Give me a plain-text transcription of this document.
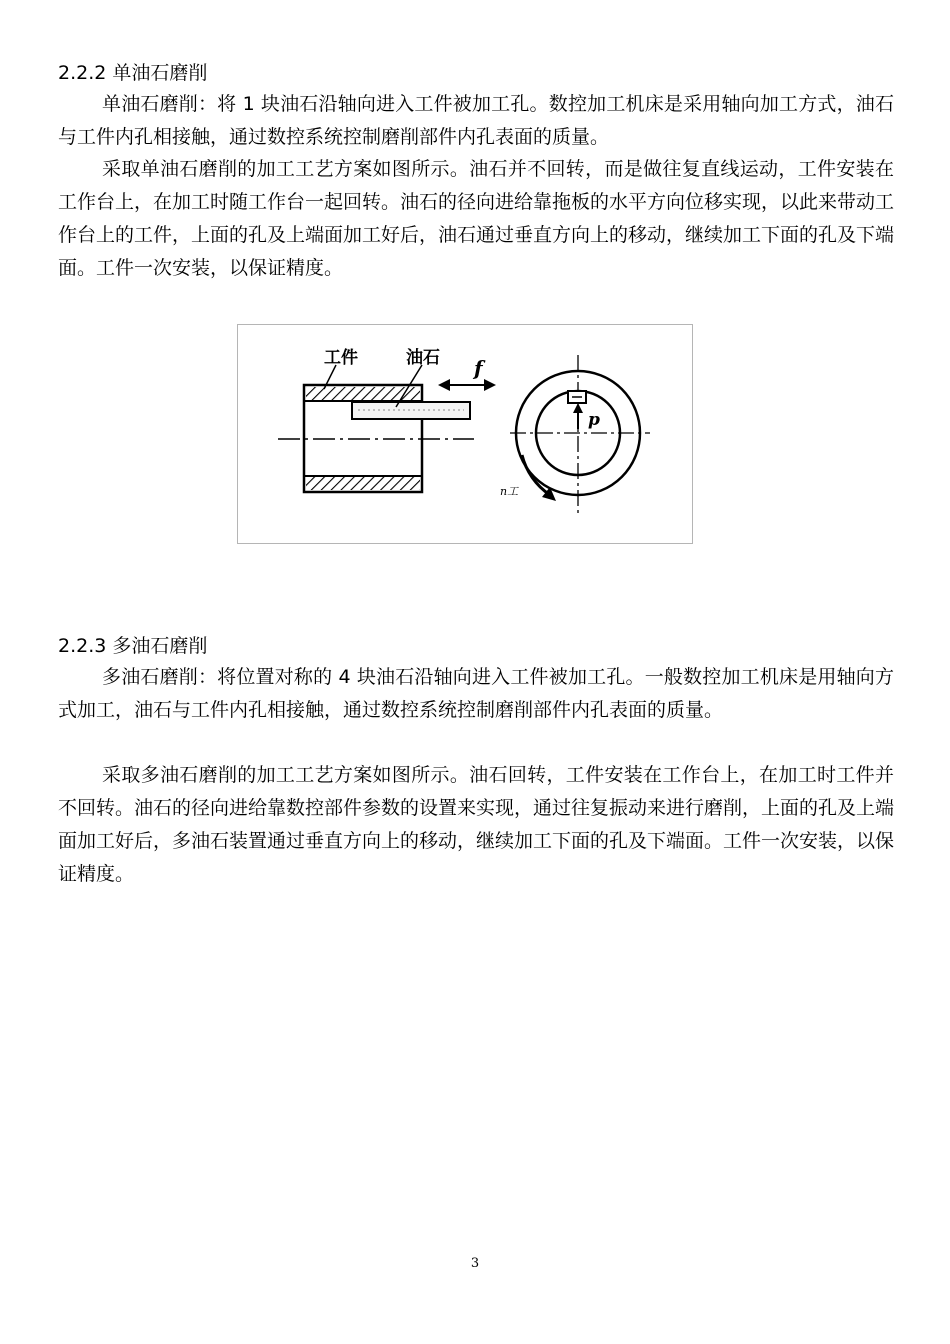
2.2.2 单油石磨削

单油石磨削：将 1 块油石沿轴向进入工件被加工孔。数控加工机床是采用轴向加工方式，油石与工件内孔相接触，通过数控系统控制磨削部件内孔表面的质量。

采取单油石磨削的加工工艺方案如图所示。油石并不回转，而是做往复直线运动，工件安装在工作台上，在加工时随工作台一起回转。油石的径向进给靠拖板的水平方向位移实现，以此来带动工作台上的工件，上面的孔及上端面加工好后，油石通过垂直方向上的移动，继续加工下面的孔及下端面。工件一次安装，以保证精度。

工件	油石 f
p
n工
2.2.3 多油石磨削

多油石磨削：将位置对称的 4 块油石沿轴向进入工件被加工孔。一般数控加工机床是用轴向方式加工，油石与工件内孔相接触，通过数控系统控制磨削部件内孔表面的质量。

采取多油石磨削的加工工艺方案如图所示。油石回转，工件安装在工作台上，在加工时工件并不回转。油石的径向进给靠数控部件参数的设置来实现，通过往复振动来进行磨削，上面的孔及上端面加工好后，多油石装置通过垂直方向上的移动，继续加工下面的孔及下端面。工件一次安装，以保证精度。

3
